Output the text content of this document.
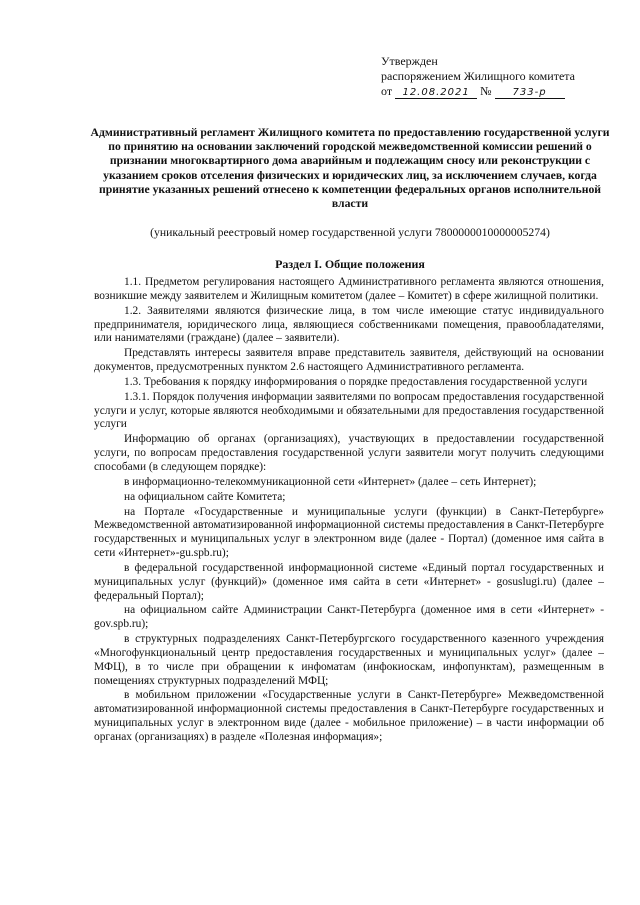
Утвержден
распоряжением Жилищного комитета
от 12.08.2021 № 733-р
Административный регламент Жилищного комитета по предоставлению государственной услуги по принятию на основании заключений городской межведомственной комиссии решений о признании многоквартирного дома аварийным и подлежащим сносу или реконструкции с указанием сроков отселения физических и юридических лиц, за исключением случаев, когда принятие указанных решений отнесено к компетенции федеральных органов исполнительной власти
(уникальный реестровый номер государственной услуги 7800000010000005274)
Раздел I. Общие положения

1.1. Предметом регулирования настоящего Административного регламента являются отношения, возникшие между заявителем и Жилищным комитетом (далее – Комитет) в сфере жилищной политики.

1.2. Заявителями являются физические лица, в том числе имеющие статус индивидуального предпринимателя, юридического лица, являющиеся собственниками помещения, правообладателями, или нанимателями (граждане) (далее – заявители).

Представлять интересы заявителя вправе представитель заявителя, действующий на основании документов, предусмотренных пунктом 2.6 настоящего Административного регламента.

1.3. Требования к порядку информирования о порядке предоставления государственной услуги

1.3.1. Порядок получения информации заявителями по вопросам предоставления государственной услуги и услуг, которые являются необходимыми и обязательными для предоставления государственной услуги

Информацию об органах (организациях), участвующих в предоставлении государственной услуги, по вопросам предоставления государственной услуги заявители могут получить следующими способами (в следующем порядке):

в информационно-телекоммуникационной сети «Интернет» (далее – сеть Интернет);

на официальном сайте Комитета;

на Портале «Государственные и муниципальные услуги (функции) в Санкт-Петербурге» Межведомственной автоматизированной информационной системы предоставления в Санкт-Петербурге государственных и муниципальных услуг в электронном виде (далее - Портал) (доменное имя сайта в сети «Интернет»-gu.spb.ru);

в федеральной государственной информационной системе «Единый портал государственных и муниципальных услуг (функций)» (доменное имя сайта в сети «Интернет» - gosuslugi.ru) (далее – федеральный Портал);

на официальном сайте Администрации Санкт-Петербурга (доменное имя в сети «Интернет» - gov.spb.ru);

в структурных подразделениях Санкт-Петербургского государственного казенного учреждения «Многофункциональный центр предоставления государственных и муниципальных услуг» (далее – МФЦ), в то числе при обращении к инфоматам (инфокиоскам, инфопунктам), размещенным в помещениях структурных подразделений МФЦ;

в мобильном приложении «Государственные услуги в Санкт-Петербурге» Межведомственной автоматизированной информационной системы предоставления в Санкт-Петербурге государственных и муниципальных услуг в электронном виде (далее - мобильное приложение) – в части информации об органах (организациях) в разделе «Полезная информация»;
